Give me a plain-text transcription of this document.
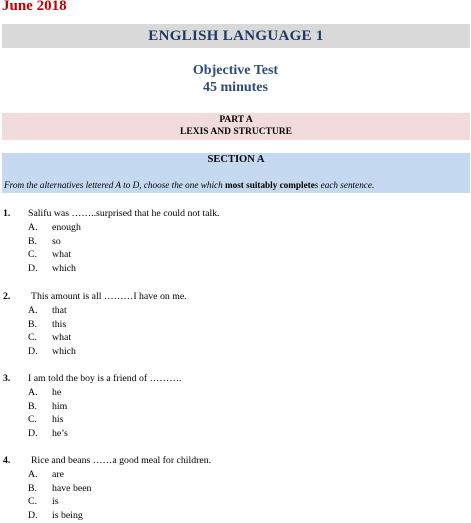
June 2018
ENGLISH LANGUAGE 1
Objective Test
45 minutes
PART A
LEXIS AND STRUCTURE
SECTION A
From the alternatives lettered A to D, choose the one which most suitably completes each sentence.
1. Salifu was ……..surprised that he could not talk.
A. enough
B. so
C. what
D. which
2. This amount is all ………I have on me.
A. that
B. this
C. what
D. which
3. I am told the boy is a friend of ……….
A. he
B. him
C. his
D. he’s
4. Rice and beans ……a good meal for children.
A. are
B. have been
C. is
D. is being
